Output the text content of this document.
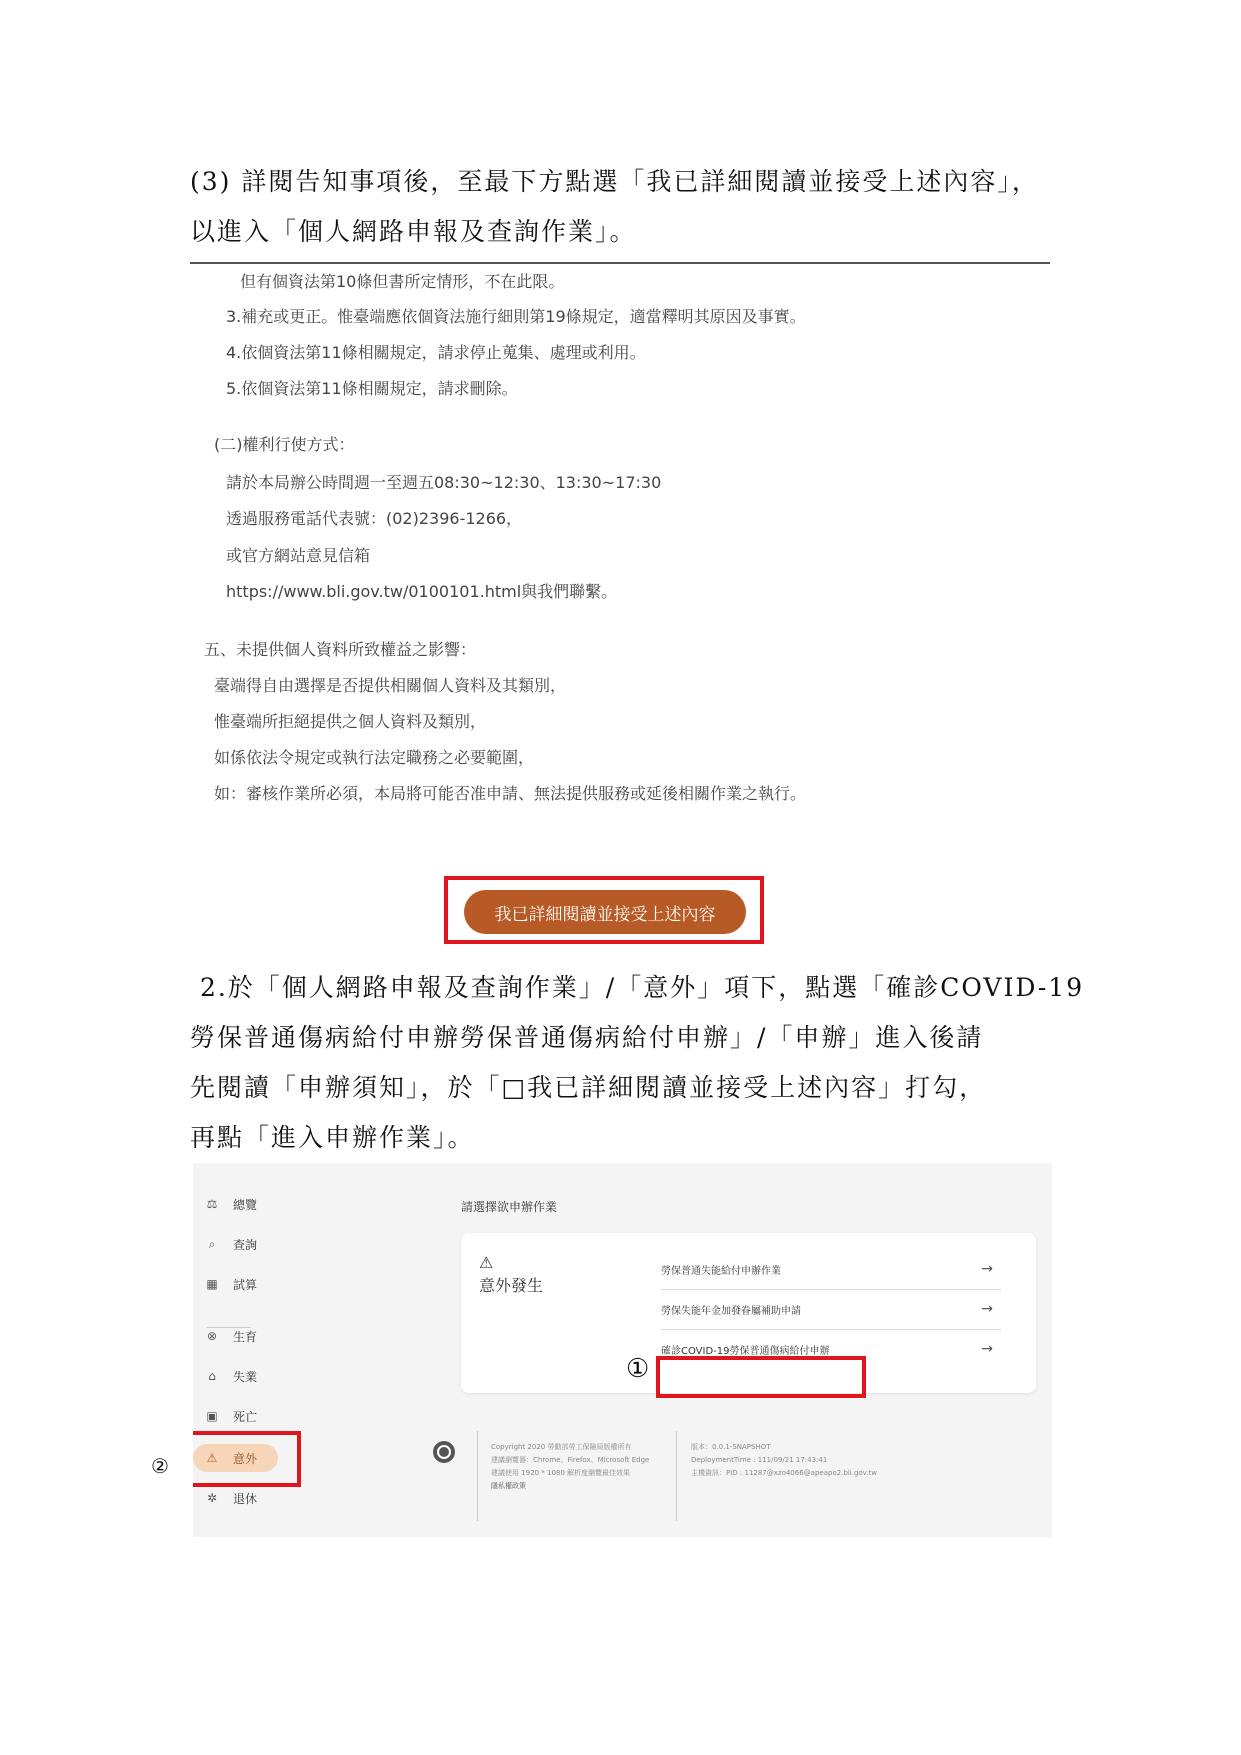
(3) 詳閱告知事項後，至最下方點選「我已詳細閱讀並接受上述內容」，
以進入「個人網路申報及查詢作業」。
但有個資法第10條但書所定情形，不在此限。
3.補充或更正。惟臺端應依個資法施行細則第19條規定，適當釋明其原因及事實。
4.依個資法第11條相關規定，請求停止蒐集、處理或利用。
5.依個資法第11條相關規定，請求刪除。
(二)權利行使方式：
請於本局辦公時間週一至週五08:30~12:30、13:30~17:30
透過服務電話代表號：(02)2396-1266，
或官方網站意見信箱
https://www.bli.gov.tw/0100101.html與我們聯繫。
五、未提供個人資料所致權益之影響：
臺端得自由選擇是否提供相關個人資料及其類別，
惟臺端所拒絕提供之個人資料及類別，
如係依法令規定或執行法定職務之必要範圍，
如：審核作業所必須，本局將可能否准申請、無法提供服務或延後相關作業之執行。
我已詳細閱讀並接受上述內容
2.於「個人網路申報及查詢作業」/「意外」項下，點選「確診COVID-19
勞保普通傷病給付申辦勞保普通傷病給付申辦」/「申辦」進入後請
先閱讀「申辦須知」，於「□我已詳細閱讀並接受上述內容」打勾，
再點「進入申辦作業」。
⚖ 總覽
⌕	查詢
▦ 試算
⊗ 生育
⌂ 失業
▣ 死亡
⚠ 意外
✲ 退休
請選擇欲申辦作業
⚠
意外發生
勞保普通失能給付申辦作業	→
勞保失能年金加發眷屬補助申請	→
確診COVID-19勞保普通傷病給付申辦	→
Copyright 2020 勞動部勞工保險局版權所有
建議瀏覽器：Chrome、Firefox、Microsoft Edge
建議使用 1920 * 1080 解析度瀏覽最佳效果
隱私權政策
版本：0.0.1-SNAPSHOT
DeploymentTime : 111/09/21 17:43:41
主機資訊：PID : 11287@xzo4066@apeapo2.bli.gov.tw
②
①
